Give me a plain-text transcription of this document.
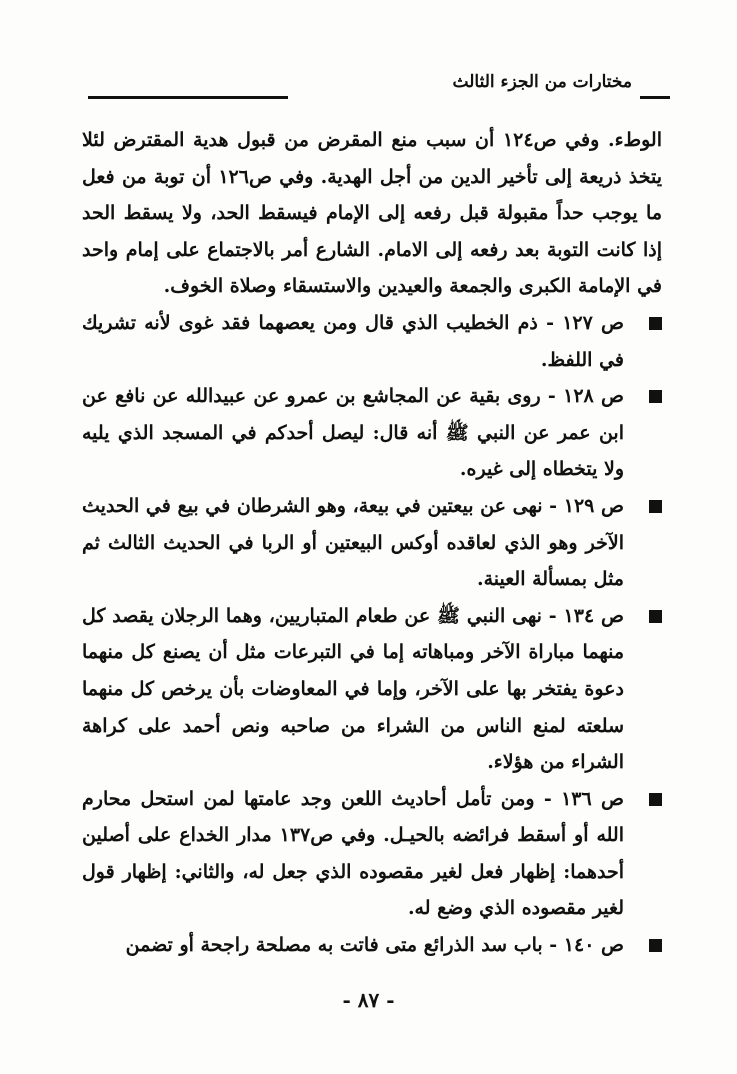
مختارات من الجزء الثالث

الوطء. وفي ص١٢٤ أن سبب منع المقرض من قبول هدية المقترض لئلا يتخذ ذريعة إلى تأخير الدين من أجل الهدية. وفي ص١٢٦ أن توبة من فعل ما يوجب حداً مقبولة قبل رفعه إلى الإمام فيسقط الحد، ولا يسقط الحد إذا كانت التوبة بعد رفعه إلى الامام. الشارع أمر بالاجتماع على إمام واحد في الإمامة الكبرى والجمعة والعيدين والاستسقاء وصلاة الخوف.

ص ١٢٧ - ذم الخطيب الذي قال ومن يعصهما فقد غوى لأنه تشريك في اللفظ.

ص ١٢٨ - روى بقية عن المجاشع بن عمرو عن عبيدالله عن نافع عن ابن عمر عن النبي ﷺ أنه قال: ليصل أحدكم في المسجد الذي يليه ولا يتخطاه إلى غيره.

ص ١٢٩ - نهى عن بيعتين في بيعة، وهو الشرطان في بيع في الحديث الآخر وهو الذي لعاقده أوكس البيعتين أو الربا في الحديث الثالث ثم مثل بمسألة العينة.

ص ١٣٤ - نهى النبي ﷺ عن طعام المتباريين، وهما الرجلان يقصد كل منهما مباراة الآخر ومباهاته إما في التبرعات مثل أن يصنع كل منهما دعوة يفتخر بها على الآخر، وإما في المعاوضات بأن يرخص كل منهما سلعته لمنع الناس من الشراء من صاحبه ونص أحمد على كراهة الشراء من هؤلاء.

ص ١٣٦ - ومن تأمل أحاديث اللعن وجد عامتها لمن استحل محارم الله أو أسقط فرائضه بالحيـل. وفي ص١٣٧ مدار الخداع على أصلين أحدهما: إظهار فعل لغير مقصوده الذي جعل له، والثاني: إظهار قول لغير مقصوده الذي وضع له.

ص ١٤٠ - باب سد الذرائع متى فاتت به مصلحة راجحة أو تضمن

- ٨٧ -
